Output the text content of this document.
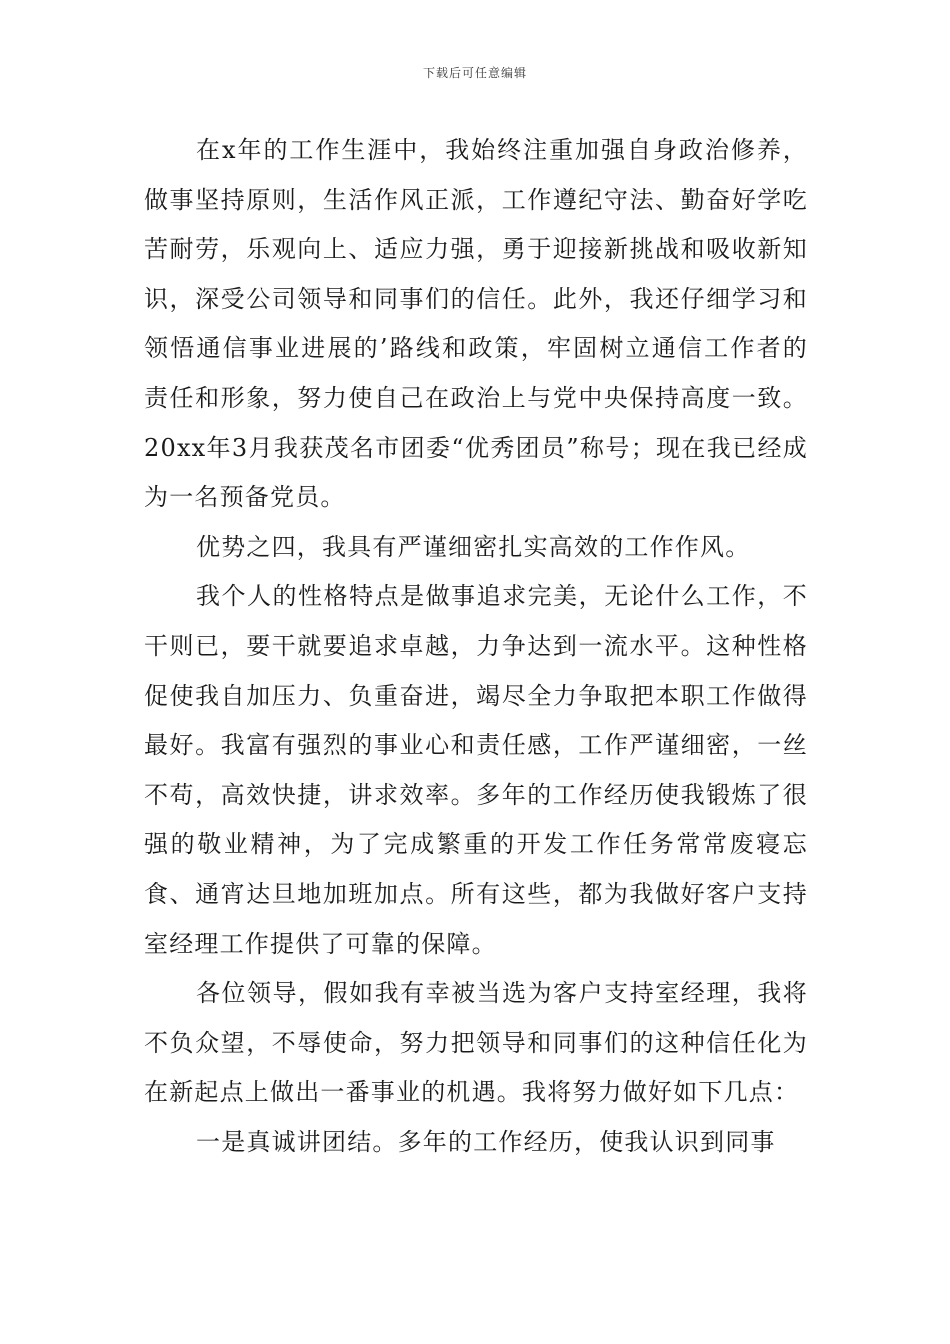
下载后可任意编辑

在x年的工作生涯中，我始终注重加强自身政治修养，做事坚持原则，生活作风正派，工作遵纪守法、勤奋好学吃苦耐劳，乐观向上、适应力强，勇于迎接新挑战和吸收新知识，深受公司领导和同事们的信任。此外，我还仔细学习和领悟通信事业进展的’路线和政策，牢固树立通信工作者的责任和形象，努力使自己在政治上与党中央保持高度一致。20xx年3月我获茂名市团委“优秀团员”称号；现在我已经成为一名预备党员。

优势之四，我具有严谨细密扎实高效的工作作风。

我个人的性格特点是做事追求完美，无论什么工作，不干则已，要干就要追求卓越，力争达到一流水平。这种性格促使我自加压力、负重奋进，竭尽全力争取把本职工作做得最好。我富有强烈的事业心和责任感，工作严谨细密，一丝不苟，高效快捷，讲求效率。多年的工作经历使我锻炼了很强的敬业精神，为了完成繁重的开发工作任务常常废寝忘食、通宵达旦地加班加点。所有这些，都为我做好客户支持室经理工作提供了可靠的保障。

各位领导，假如我有幸被当选为客户支持室经理，我将不负众望，不辱使命，努力把领导和同事们的这种信任化为在新起点上做出一番事业的机遇。我将努力做好如下几点：

一是真诚讲团结。多年的工作经历，使我认识到同事
